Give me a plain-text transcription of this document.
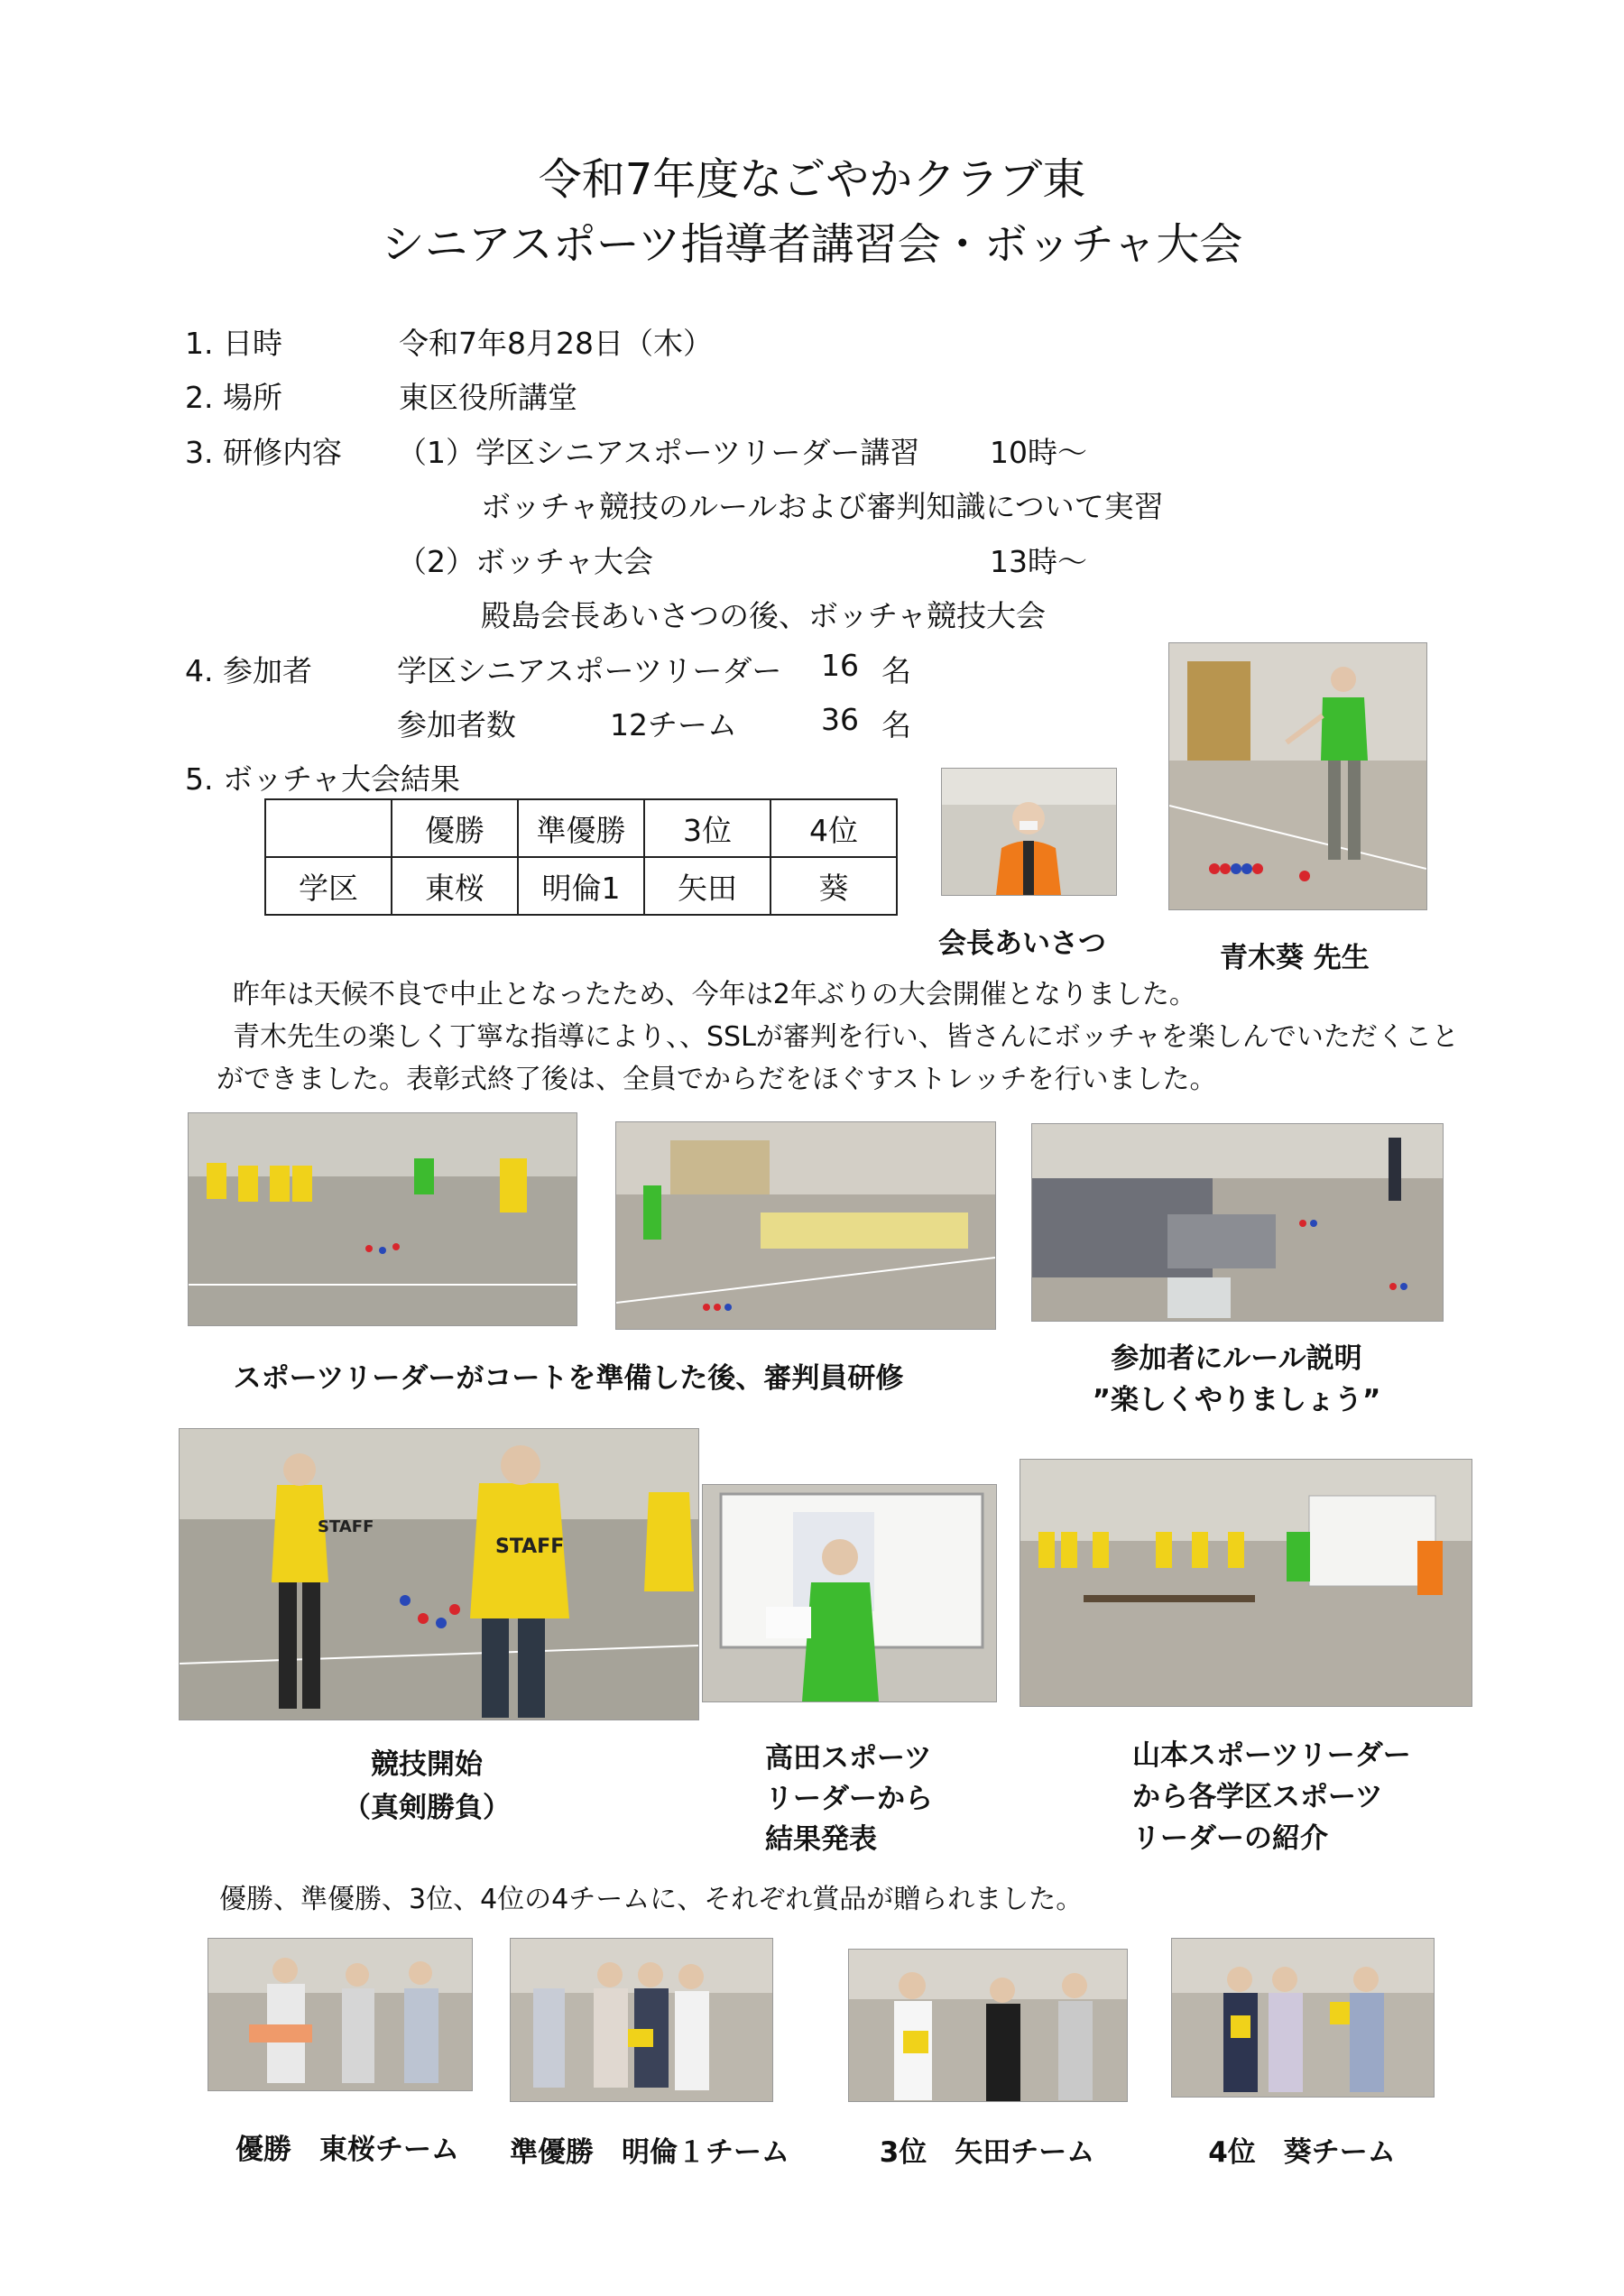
令和7年度なごやかクラブ東
シニアスポーツ指導者講習会・ボッチャ大会
1. 日時	令和7年8月28日（木）
2. 場所	東区役所講堂
3. 研修内容 （1）学区シニアスポーツリーダー講習 10時～
ボッチャ競技のルールおよび審判知識について実習
（2）ボッチャ大会	13時～
殿島会長あいさつの後、ボッチャ競技大会
4. 参加者	学区シニアスポーツリーダー 16 名
参加者数	12チーム	36 名
5. ボッチャ大会結果
	優勝	準優勝	3位	4位
学区	東桜	明倫1	矢田	葵
会長あいさつ	青木葵 先生
昨年は天候不良で中止となったため、今年は2年ぶりの大会開催となりました。
青木先生の楽しく丁寧な指導により、、SSLが審判を行い、皆さんにボッチャを楽しんでいただくこと
ができました。表彰式終了後は、全員でからだをほぐすストレッチを行いました。
スポーツリーダーがコートを準備した後、審判員研修
参加者にルール説明
”楽しくやりましょう”
STAFF
STAFF
競技開始
（真剣勝負）
高田スポーツ
リーダーから
結果発表
山本スポーツリーダー
から各学区スポーツ
リーダーの紹介
優勝、準優勝、3位、4位の4チームに、それぞれ賞品が贈られました。
優勝　東桜チーム	準優勝　明倫１チーム	3位　矢田チーム	4位　葵チーム
